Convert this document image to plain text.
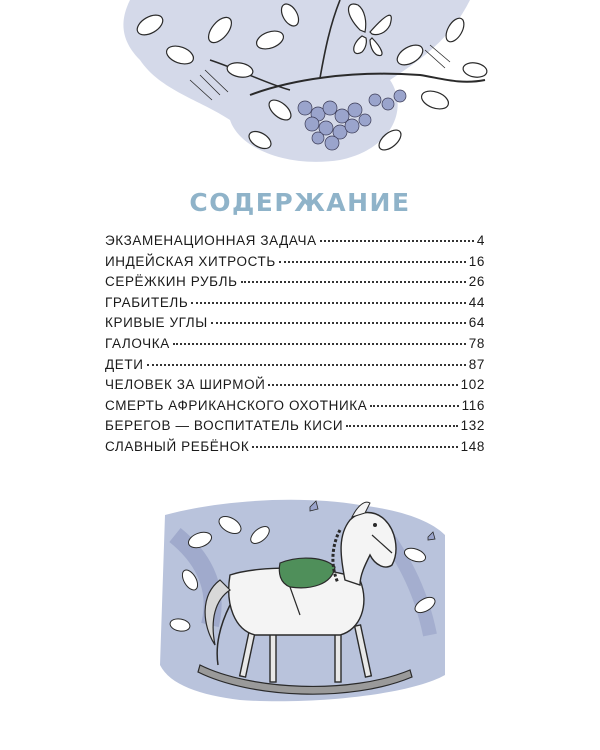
СОДЕРЖАНИЕ
ЭКЗАМЕНАЦИОННАЯ ЗАДАЧА	4
ИНДЕЙСКАЯ ХИТРОСТЬ	16
СЕРЁЖКИН РУБЛЬ	26
ГРАБИТЕЛЬ	44
КРИВЫЕ УГЛЫ	64
ГАЛОЧКА	78
ДЕТИ	87
ЧЕЛОВЕК ЗА ШИРМОЙ	102
СМЕРТЬ АФРИКАНСКОГО ОХОТНИКА	116
БЕРЕГОВ — ВОСПИТАТЕЛЬ КИСИ	132
СЛАВНЫЙ РЕБЁНОК	148
